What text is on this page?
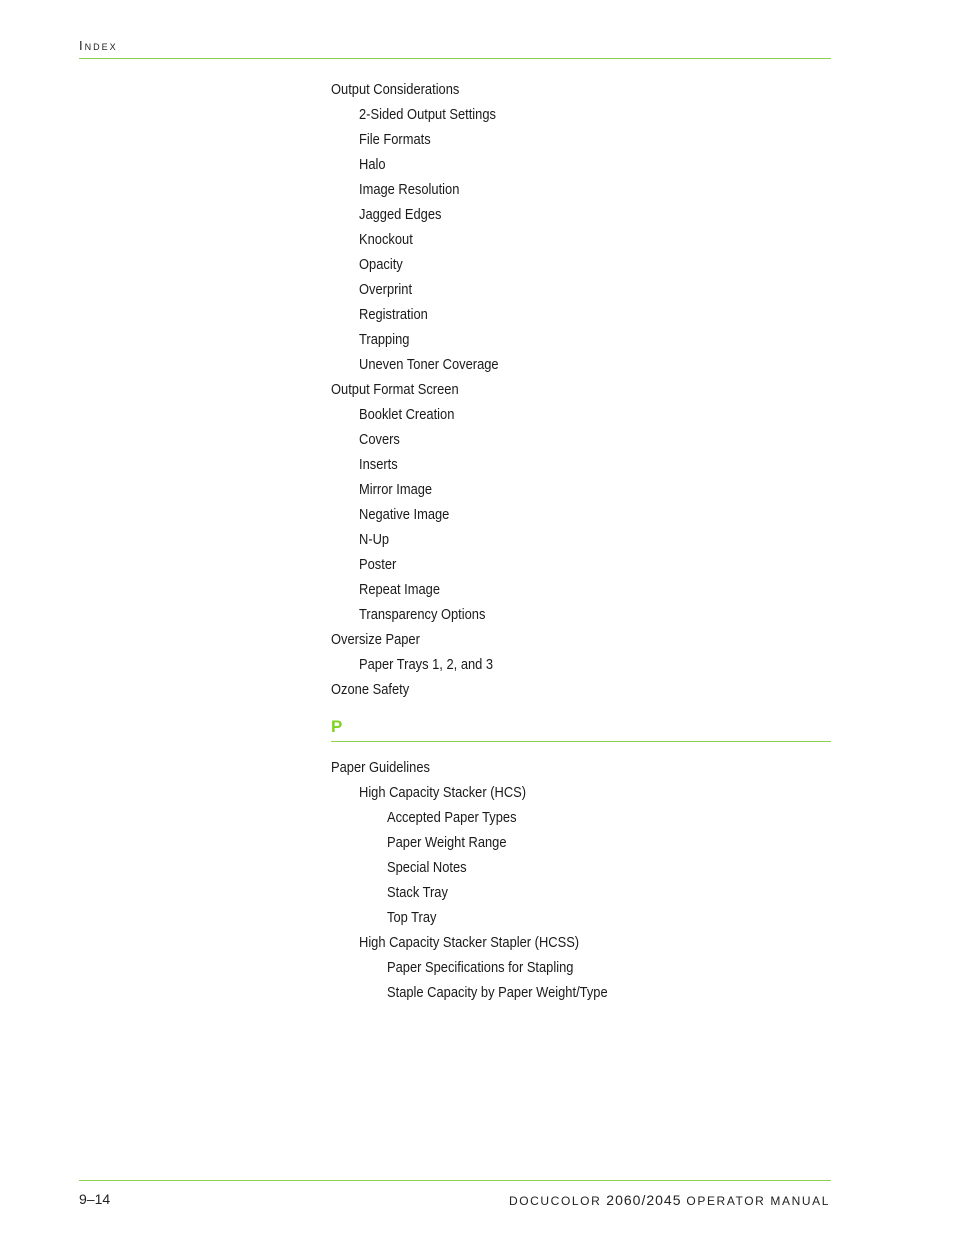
Index
Output Considerations
2-Sided Output Settings
File Formats
Halo
Image Resolution
Jagged Edges
Knockout
Opacity
Overprint
Registration
Trapping
Uneven Toner Coverage
Output Format Screen
Booklet Creation
Covers
Inserts
Mirror Image
Negative Image
N-Up
Poster
Repeat Image
Transparency Options
Oversize Paper
Paper Trays 1, 2, and 3
Ozone Safety
P
Paper Guidelines
High Capacity Stacker (HCS)
Accepted Paper Types
Paper Weight Range
Special Notes
Stack Tray
Top Tray
High Capacity Stacker Stapler (HCSS)
Paper Specifications for Stapling
Staple Capacity by Paper Weight/Type
9–14	DOCUCOLOR 2060/2045 OPERATOR MANUAL
